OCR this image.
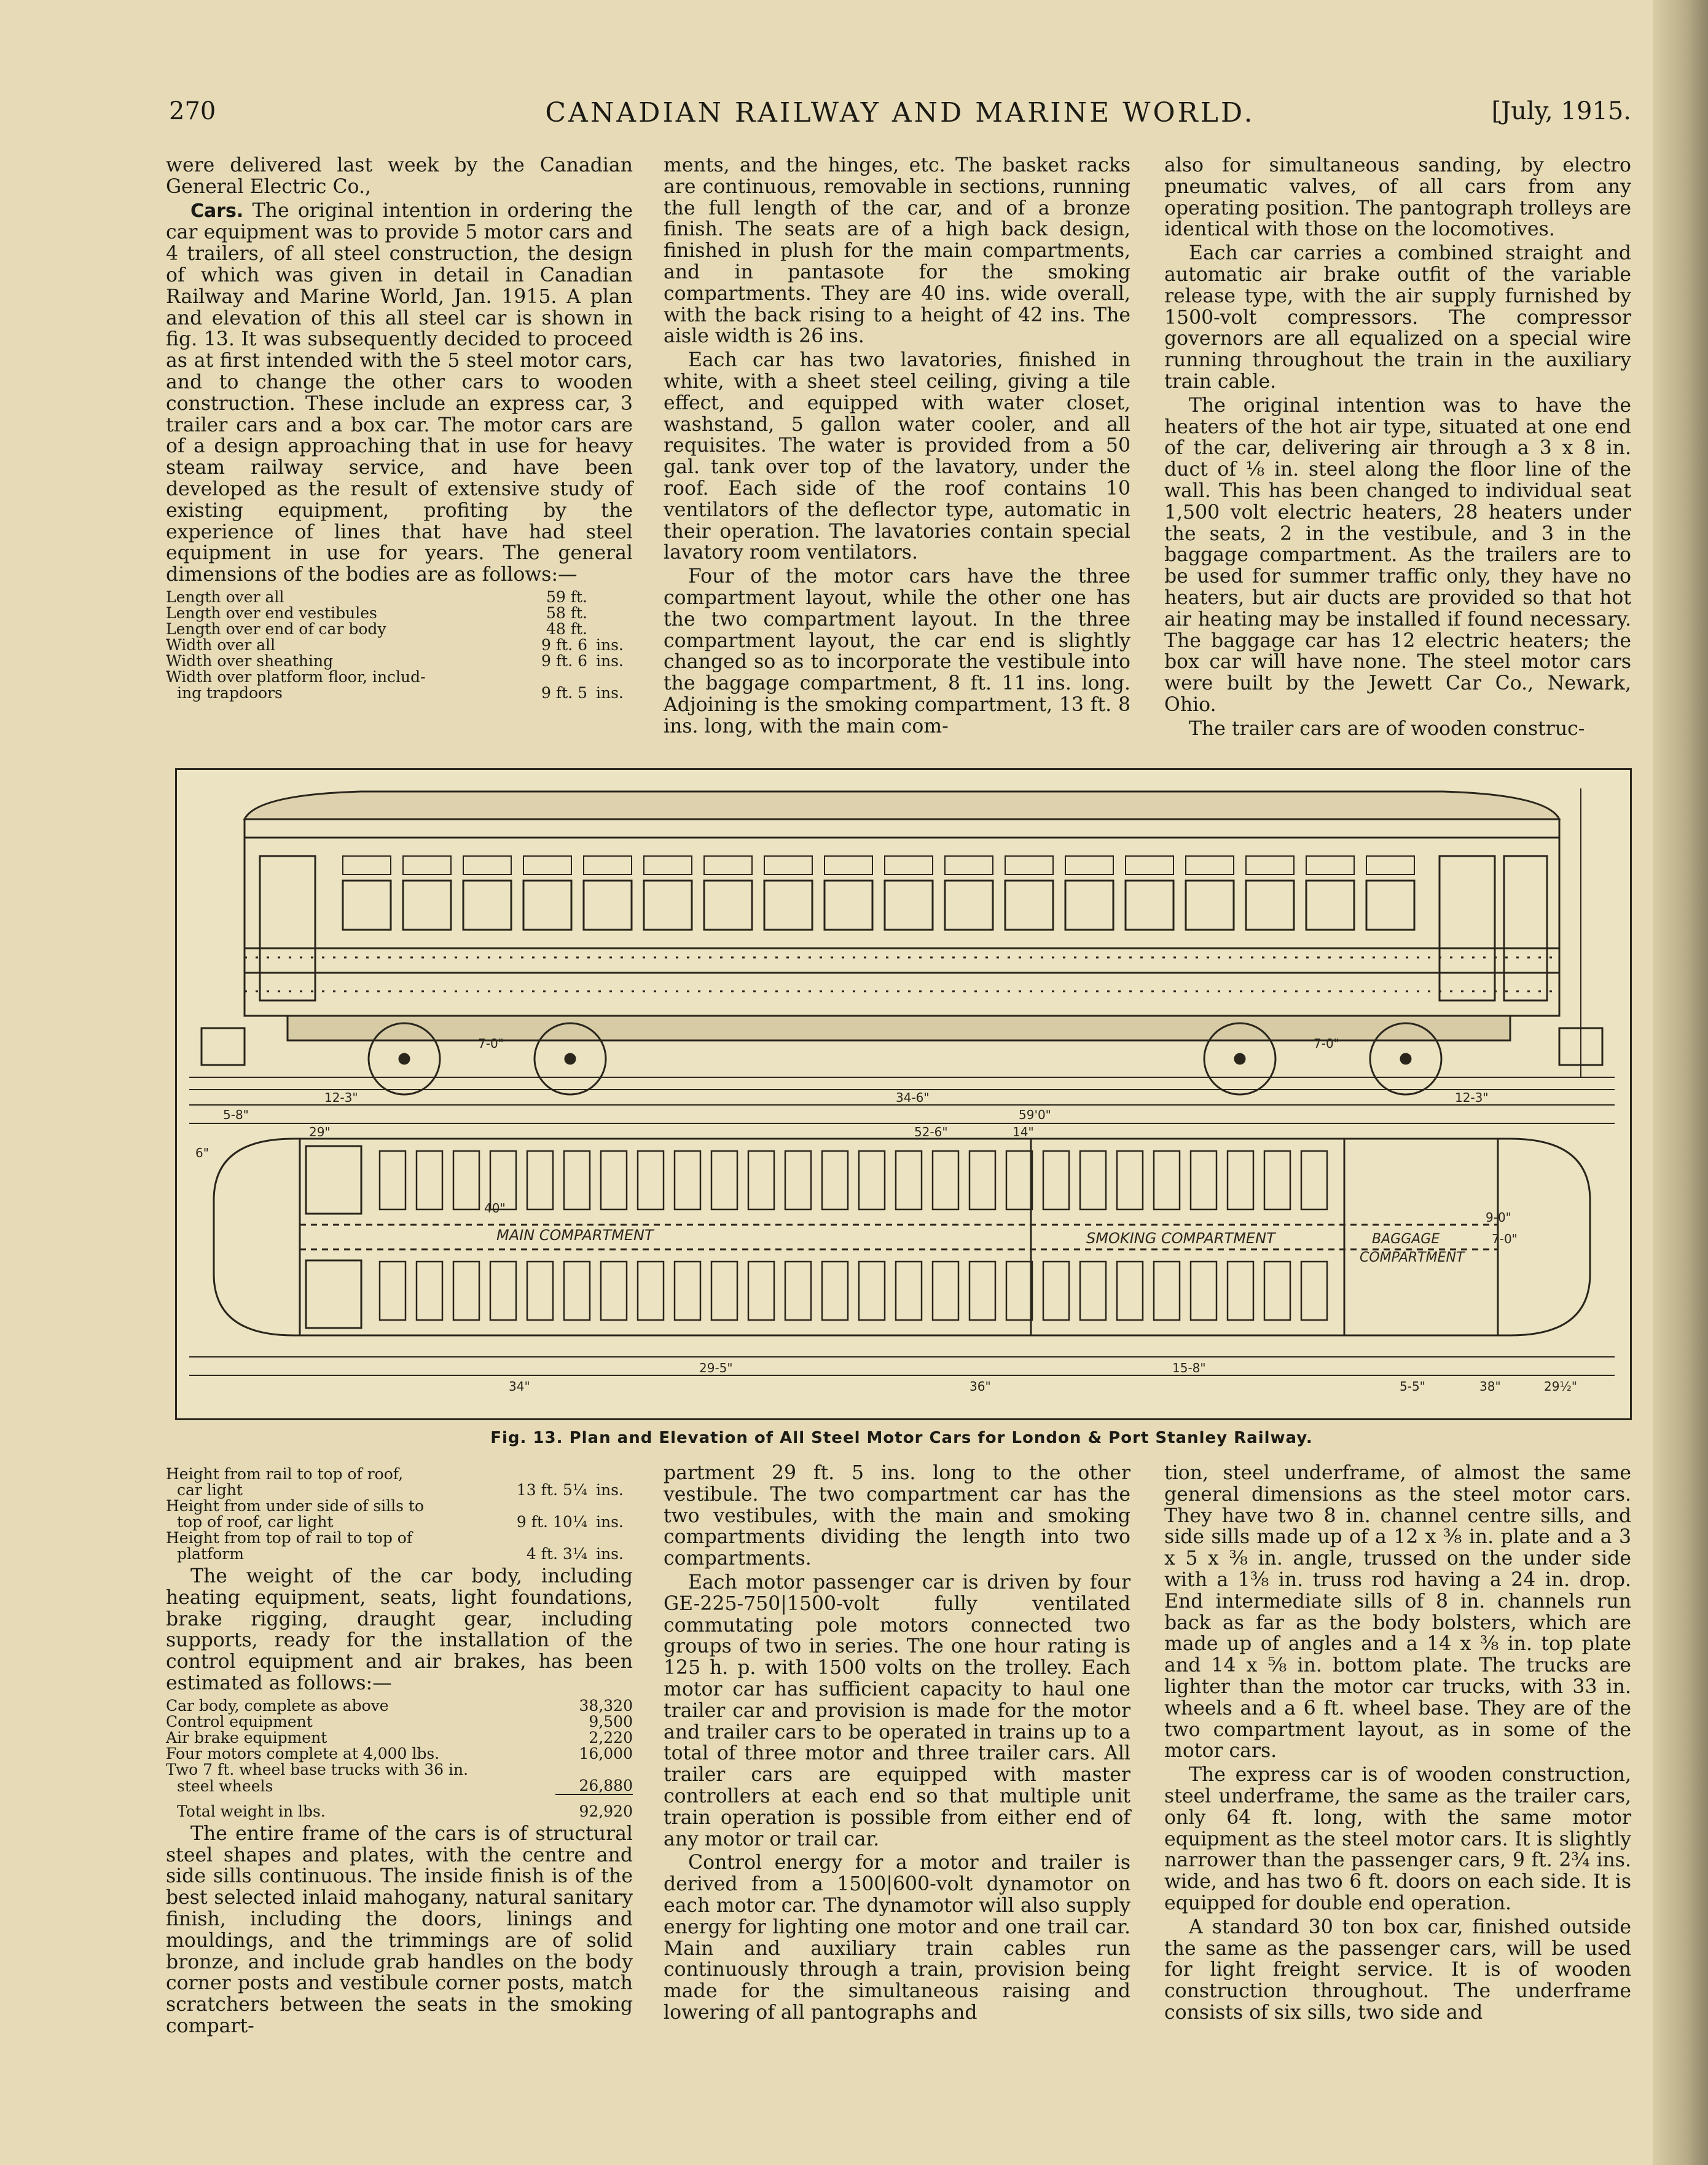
270	CANADIAN RAILWAY AND MARINE WORLD.	[July, 1915.

were delivered last week by the Canadian General Electric Co.,

Cars. The original intention in ordering the car equipment was to provide 5 motor cars and 4 trailers, of all steel construction, the design of which was given in detail in Canadian Railway and Marine World, Jan. 1915. A plan and elevation of this all steel car is shown in fig. 13. It was subsequently decided to proceed as at first intended with the 5 steel motor cars, and to change the other cars to wooden construction. These include an express car, 3 trailer cars and a box car. The motor cars are of a design approaching that in use for heavy steam railway service, and have been developed as the result of extensive study of existing equipment, profiting by the experience of lines that have had steel equipment in use for years. The general dimensions of the bodies are as follows:—

Length over all	59 ft.	
Length over end vestibules	58 ft.	
Length over end of car body	48 ft.	
Width over all	9 ft. 6	ins.
Width over sheathing	9 ft. 6	ins.
Width over platform floor, includ-		
ing trapdoors	9 ft. 5	ins.

ments, and the hinges, etc. The basket racks are continuous, removable in sections, running the full length of the car, and of a bronze finish. The seats are of a high back design, finished in plush for the main compartments, and in pantasote for the smoking compartments. They are 40 ins. wide overall, with the back rising to a height of 42 ins. The aisle width is 26 ins.

Each car has two lavatories, finished in white, with a sheet steel ceiling, giving a tile effect, and equipped with water closet, washstand, 5 gallon water cooler, and all requisites. The water is provided from a 50 gal. tank over top of the lavatory, under the roof. Each side of the roof contains 10 ventilators of the deflector type, automatic in their operation. The lavatories contain special lavatory room ventilators.

Four of the motor cars have the three compartment layout, while the other one has the two compartment layout. In the three compartment layout, the car end is slightly changed so as to incorporate the vestibule into the baggage compartment, 8 ft. 11 ins. long. Adjoining is the smoking compartment, 13 ft. 8 ins. long, with the main com-

also for simultaneous sanding, by electro pneumatic valves, of all cars from any operating position. The pantograph trolleys are identical with those on the locomotives.

Each car carries a combined straight and automatic air brake outfit of the variable release type, with the air supply furnished by 1500-volt compressors. The compressor governors are all equalized on a special wire running throughout the train in the auxiliary train cable.

The original intention was to have the heaters of the hot air type, situated at one end of the car, delivering air through a 3 x 8 in. duct of ⅛ in. steel along the floor line of the wall. This has been changed to individual seat 1,500 volt electric heaters, 28 heaters under the seats, 2 in the vestibule, and 3 in the baggage compartment. As the trailers are to be used for summer traffic only, they have no heaters, but air ducts are provided so that hot air heating may be installed if found necessary. The baggage car has 12 electric heaters; the box car will have none. The steel motor cars were built by the Jewett Car Co., Newark, Ohio.

The trailer cars are of wooden construc-

MAIN COMPARTMENT	SMOKING COMPARTMENT	BAGGAGE
COMPARTMENT
12-3"	34-6"
59'0"
12-3"
52-6"
5-8"
29"
7-0"	7-0"
29-5"	15-8"
9-0"
7-0"
40"
34"	36"
6"
5-5"	38"	29½"
14"
Fig. 13. Plan and Elevation of All Steel Motor Cars for London & Port Stanley Railway.
Height from rail to top of roof,		
car light	13 ft. 5¼	ins.
Height from under side of sills to		
top of roof, car light	9 ft. 10¼	ins.
Height from top of rail to top of		
platform	4 ft. 3¼	ins.

The weight of the car body, including heating equipment, seats, light foundations, brake rigging, draught gear, including supports, ready for the installation of the control equipment and air brakes, has been estimated as follows:—

Car body, complete as above	38,320
Control equipment	9,500
Air brake equipment	2,220
Four motors complete at 4,000 lbs.	16,000
Two 7 ft. wheel base trucks with 36 in.	
steel wheels	26,880
Total weight in lbs.	92,920

The entire frame of the cars is of structural steel shapes and plates, with the centre and side sills continuous. The inside finish is of the best selected inlaid mahogany, natural sanitary finish, including the doors, linings and mouldings, and the trimmings are of solid bronze, and include grab handles on the body corner posts and vestibule corner posts, match scratchers between the seats in the smoking compart-

partment 29 ft. 5 ins. long to the other vestibule. The two compartment car has the two vestibules, with the main and smoking compartments dividing the length into two compartments.

Each motor passenger car is driven by four GE-225-750|1500-volt fully ventilated commutating pole motors connected two groups of two in series. The one hour rating is 125 h. p. with 1500 volts on the trolley. Each motor car has sufficient capacity to haul one trailer car and provision is made for the motor and trailer cars to be operated in trains up to a total of three motor and three trailer cars. All trailer cars are equipped with master controllers at each end so that multiple unit train operation is possible from either end of any motor or trail car.

Control energy for a motor and trailer is derived from a 1500|600-volt dynamotor on each motor car. The dynamotor will also supply energy for lighting one motor and one trail car. Main and auxiliary train cables run continuously through a train, provision being made for the simultaneous raising and lowering of all pantographs and

tion, steel underframe, of almost the same general dimensions as the steel motor cars. They have two 8 in. channel centre sills, and side sills made up of a 12 x ⅜ in. plate and a 3 x 5 x ⅜ in. angle, trussed on the under side with a 1⅜ in. truss rod having a 24 in. drop. End intermediate sills of 8 in. channels run back as far as the body bolsters, which are made up of angles and a 14 x ⅜ in. top plate and 14 x ⅝ in. bottom plate. The trucks are lighter than the motor car trucks, with 33 in. wheels and a 6 ft. wheel base. They are of the two compartment layout, as in some of the motor cars.

The express car is of wooden construction, steel underframe, the same as the trailer cars, only 64 ft. long, with the same motor equipment as the steel motor cars. It is slightly narrower than the passenger cars, 9 ft. 2¾ ins. wide, and has two 6 ft. doors on each side. It is equipped for double end operation.

A standard 30 ton box car, finished outside the same as the passenger cars, will be used for light freight service. It is of wooden construction throughout. The underframe consists of six sills, two side and
